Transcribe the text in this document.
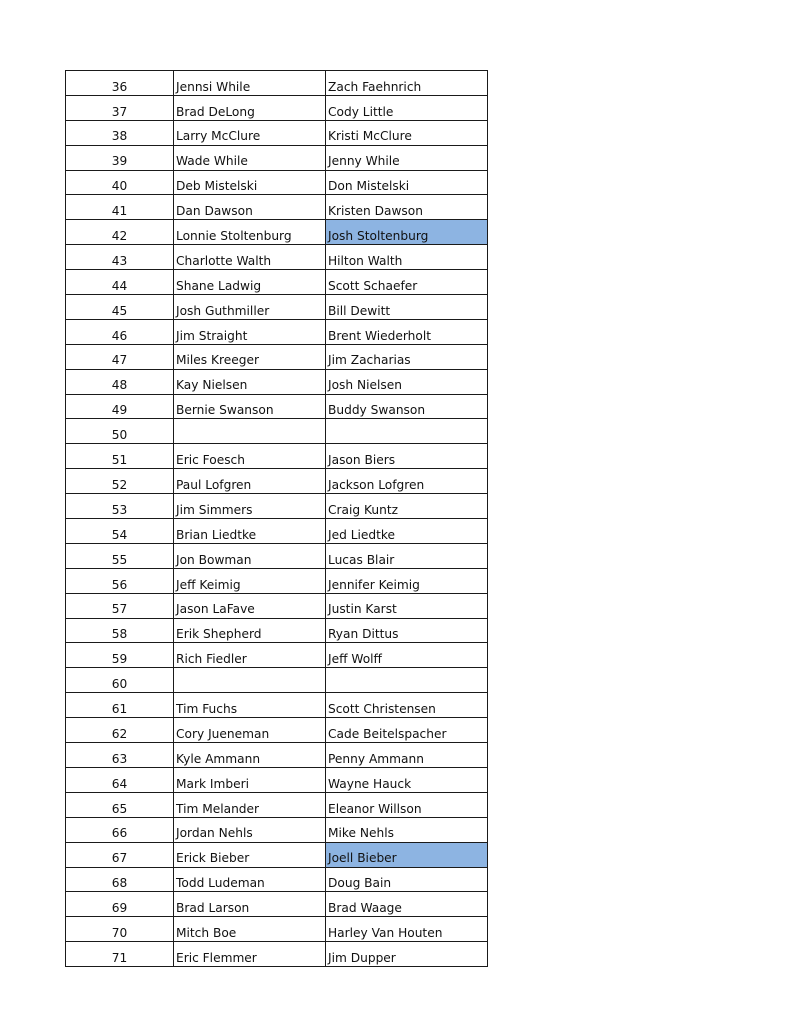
36	Jennsi While	Zach Faehnrich
37	Brad DeLong	Cody Little
38	Larry McClure	Kristi McClure
39	Wade While	Jenny While
40	Deb Mistelski	Don Mistelski
41	Dan Dawson	Kristen Dawson
42	Lonnie Stoltenburg	Josh Stoltenburg
43	Charlotte Walth	Hilton Walth
44	Shane Ladwig	Scott Schaefer
45	Josh Guthmiller	Bill Dewitt
46	Jim Straight	Brent Wiederholt
47	Miles Kreeger	Jim Zacharias
48	Kay Nielsen	Josh Nielsen
49	Bernie Swanson	Buddy Swanson
50		
51	Eric Foesch	Jason Biers
52	Paul Lofgren	Jackson Lofgren
53	Jim Simmers	Craig Kuntz
54	Brian Liedtke	Jed Liedtke
55	Jon Bowman	Lucas Blair
56	Jeff Keimig	Jennifer Keimig
57	Jason LaFave	Justin Karst
58	Erik Shepherd	Ryan Dittus
59	Rich Fiedler	Jeff Wolff
60		
61	Tim Fuchs	Scott Christensen
62	Cory Jueneman	Cade Beitelspacher
63	Kyle Ammann	Penny Ammann
64	Mark Imberi	Wayne Hauck
65	Tim Melander	Eleanor Willson
66	Jordan Nehls	Mike Nehls
67	Erick Bieber	Joell Bieber
68	Todd Ludeman	Doug Bain
69	Brad Larson	Brad Waage
70	Mitch Boe	Harley Van Houten
71	Eric Flemmer	Jim Dupper
